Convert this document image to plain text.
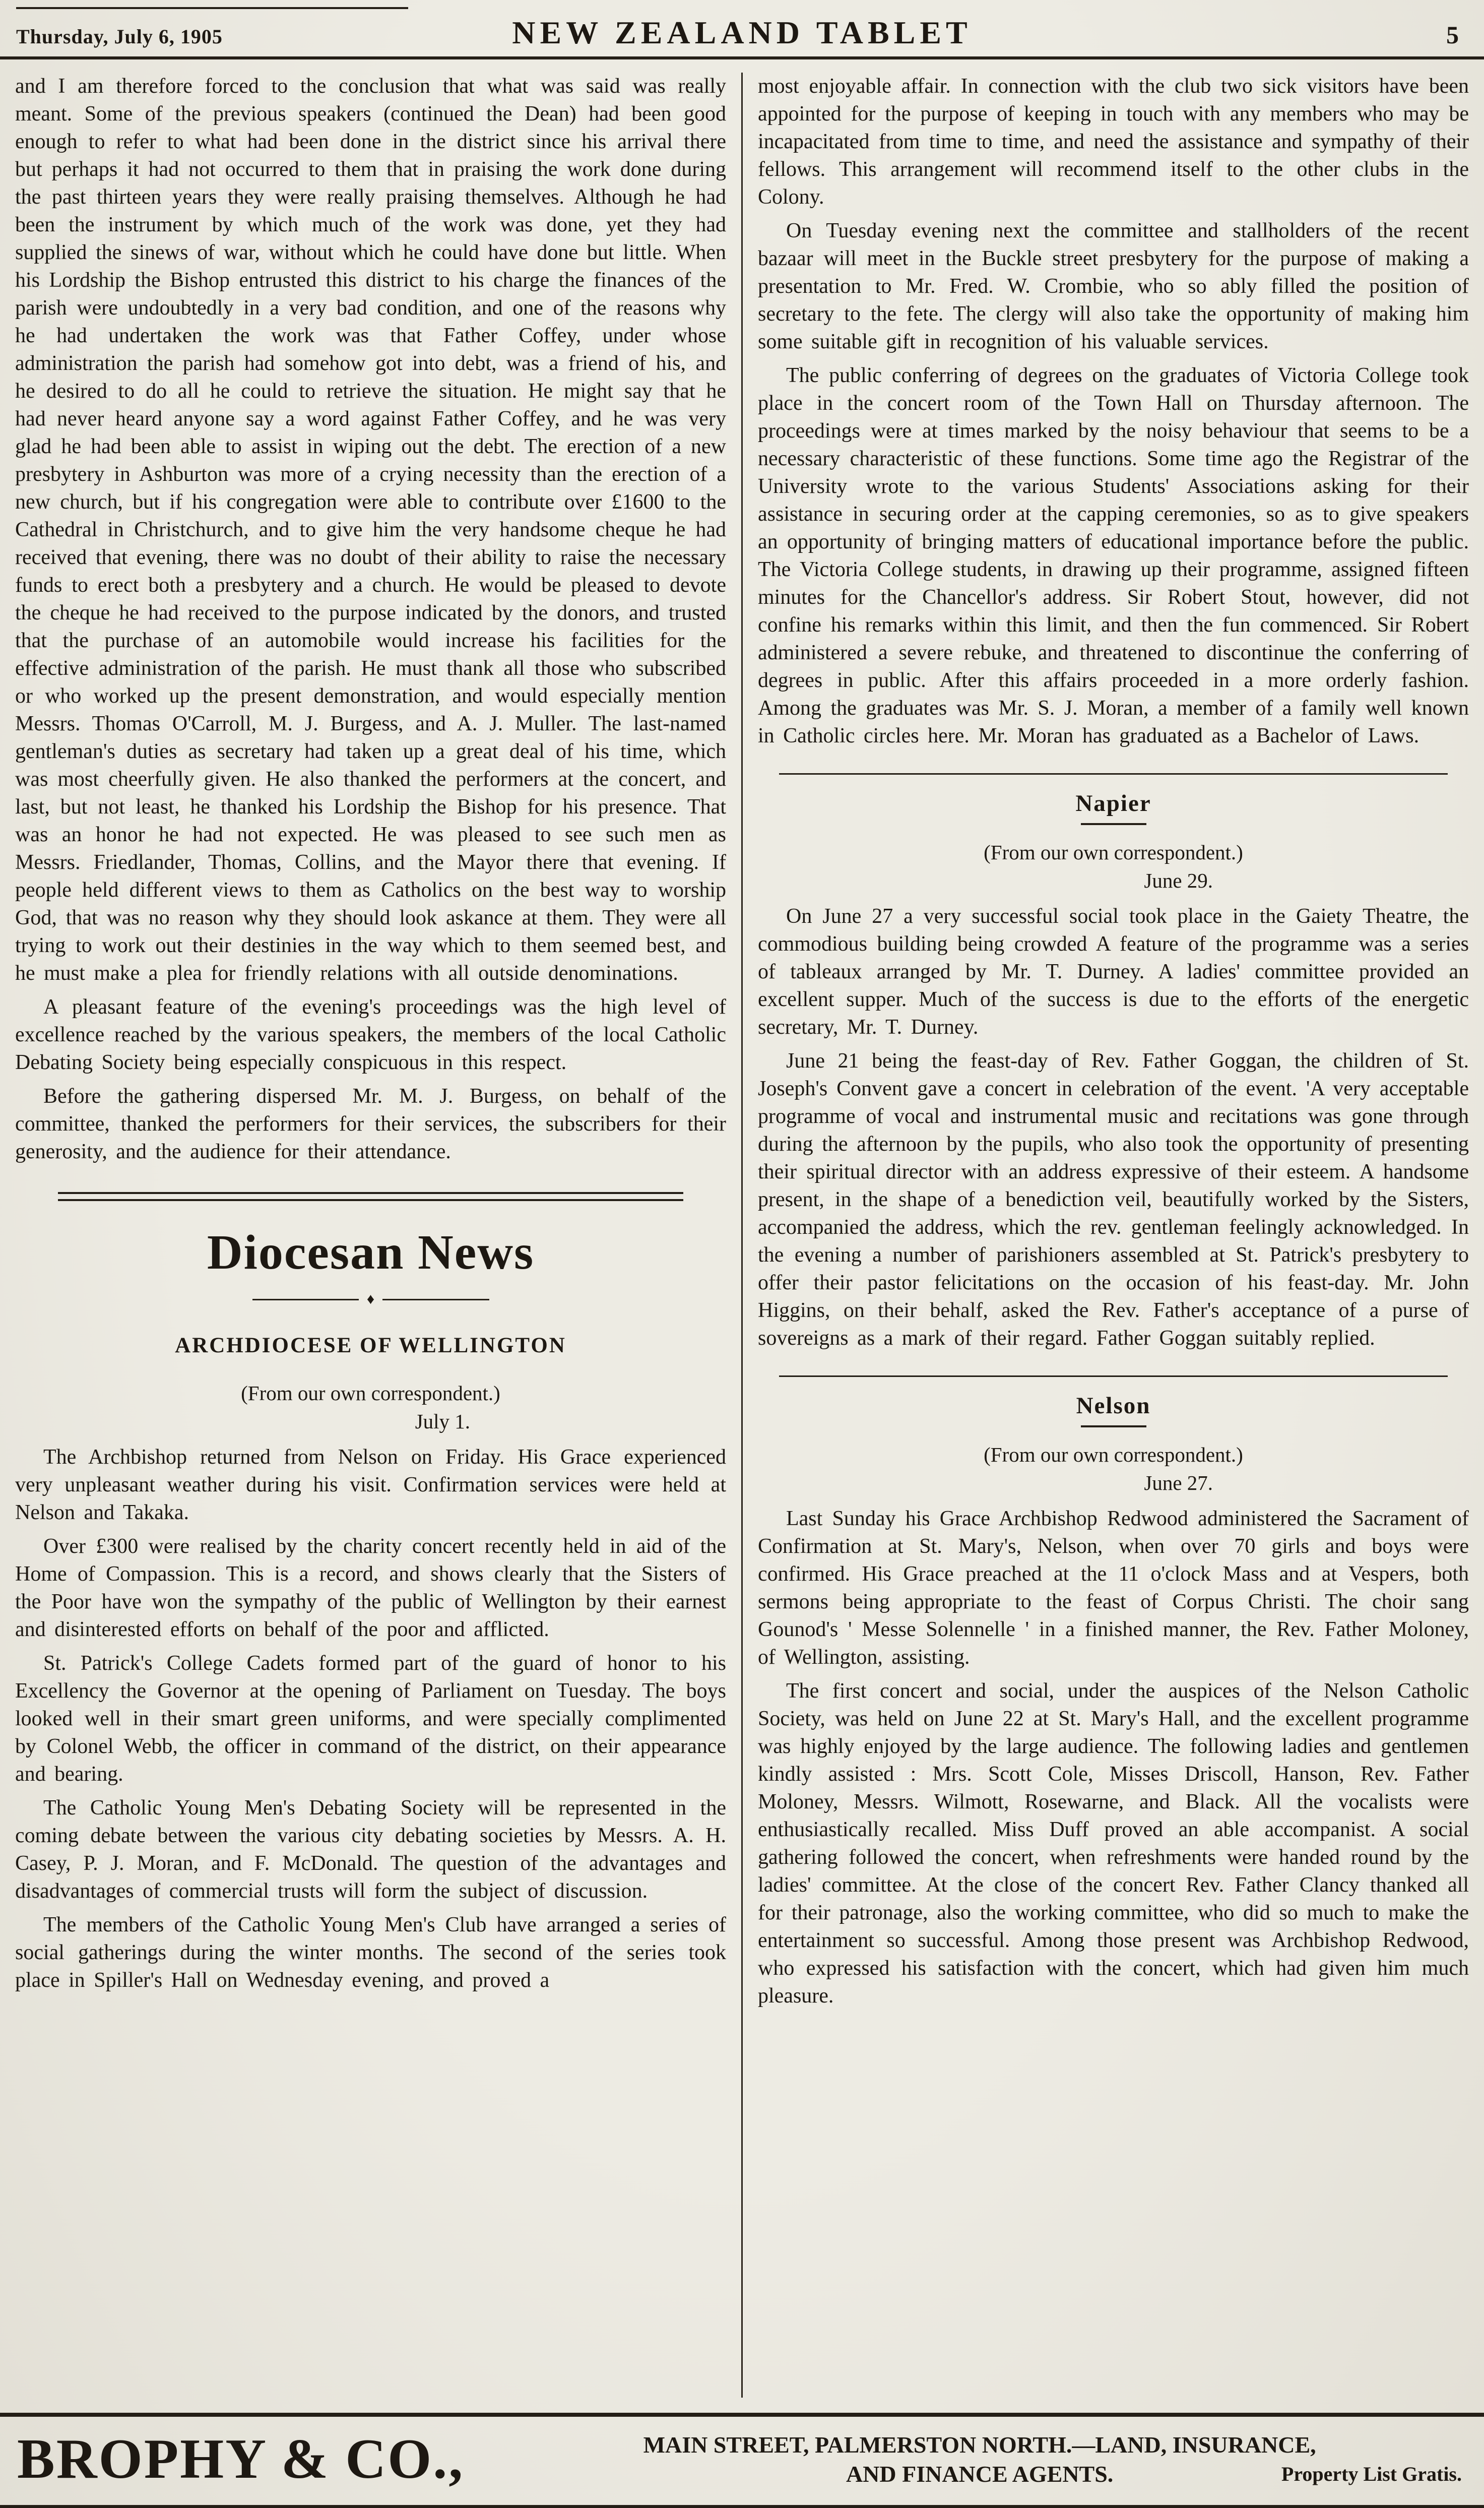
Thursday, July 6, 1905	NEW ZEALAND TABLET	5

and I am therefore forced to the conclusion that what was said was really meant. Some of the previous speakers (continued the Dean) had been good enough to refer to what had been done in the district since his arrival there but perhaps it had not occurred to them that in praising the work done during the past thirteen years they were really praising themselves. Although he had been the instrument by which much of the work was done, yet they had supplied the sinews of war, without which he could have done but little. When his Lordship the Bishop entrusted this district to his charge the finances of the parish were undoubtedly in a very bad condition, and one of the reasons why he had undertaken the work was that Father Coffey, under whose administration the parish had somehow got into debt, was a friend of his, and he desired to do all he could to retrieve the situation. He might say that he had never heard anyone say a word against Father Coffey, and he was very glad he had been able to assist in wiping out the debt. The erection of a new presbytery in Ashburton was more of a crying necessity than the erection of a new church, but if his congregation were able to contribute over £1600 to the Cathedral in Christchurch, and to give him the very handsome cheque he had received that evening, there was no doubt of their ability to raise the necessary funds to erect both a presbytery and a church. He would be pleased to devote the cheque he had received to the purpose indicated by the donors, and trusted that the purchase of an automobile would increase his facilities for the effective administration of the parish. He must thank all those who subscribed or who worked up the present demonstration, and would especially mention Messrs. Thomas O'Carroll, M. J. Burgess, and A. J. Muller. The last-named gentleman's duties as secretary had taken up a great deal of his time, which was most cheerfully given. He also thanked the performers at the concert, and last, but not least, he thanked his Lordship the Bishop for his presence. That was an honor he had not expected. He was pleased to see such men as Messrs. Friedlander, Thomas, Collins, and the Mayor there that evening. If people held different views to them as Catholics on the best way to worship God, that was no reason why they should look askance at them. They were all trying to work out their destinies in the way which to them seemed best, and he must make a plea for friendly relations with all outside denominations.

A pleasant feature of the evening's proceedings was the high level of excellence reached by the various speakers, the members of the local Catholic Debating Society being especially conspicuous in this respect.

Before the gathering dispersed Mr. M. J. Burgess, on behalf of the committee, thanked the performers for their services, the subscribers for their generosity, and the audience for their attendance.

Diocesan News
♦
ARCHDIOCESE OF WELLINGTON

(From our own correspondent.)

July 1.

The Archbishop returned from Nelson on Friday. His Grace experienced very unpleasant weather during his visit. Confirmation services were held at Nelson and Takaka.

Over £300 were realised by the charity concert recently held in aid of the Home of Compassion. This is a record, and shows clearly that the Sisters of the Poor have won the sympathy of the public of Wellington by their earnest and disinterested efforts on behalf of the poor and afflicted.

St. Patrick's College Cadets formed part of the guard of honor to his Excellency the Governor at the opening of Parliament on Tuesday. The boys looked well in their smart green uniforms, and were specially complimented by Colonel Webb, the officer in command of the district, on their appearance and bearing.

The Catholic Young Men's Debating Society will be represented in the coming debate between the various city debating societies by Messrs. A. H. Casey, P. J. Moran, and F. McDonald. The question of the advantages and disadvantages of commercial trusts will form the subject of discussion.

The members of the Catholic Young Men's Club have arranged a series of social gatherings during the winter months. The second of the series took place in Spiller's Hall on Wednesday evening, and proved a

most enjoyable affair. In connection with the club two sick visitors have been appointed for the purpose of keeping in touch with any members who may be incapacitated from time to time, and need the assistance and sympathy of their fellows. This arrangement will recommend itself to the other clubs in the Colony.

On Tuesday evening next the committee and stallholders of the recent bazaar will meet in the Buckle street presbytery for the purpose of making a presentation to Mr. Fred. W. Crombie, who so ably filled the position of secretary to the fete. The clergy will also take the opportunity of making him some suitable gift in recognition of his valuable services.

The public conferring of degrees on the graduates of Victoria College took place in the concert room of the Town Hall on Thursday afternoon. The proceedings were at times marked by the noisy behaviour that seems to be a necessary characteristic of these functions. Some time ago the Registrar of the University wrote to the various Students' Associations asking for their assistance in securing order at the capping ceremonies, so as to give speakers an opportunity of bringing matters of educational importance before the public. The Victoria College students, in drawing up their programme, assigned fifteen minutes for the Chancellor's address. Sir Robert Stout, however, did not confine his remarks within this limit, and then the fun commenced. Sir Robert administered a severe rebuke, and threatened to discontinue the conferring of degrees in public. After this affairs proceeded in a more orderly fashion. Among the graduates was Mr. S. J. Moran, a member of a family well known in Catholic circles here. Mr. Moran has graduated as a Bachelor of Laws.

Napier

(From our own correspondent.)

June 29.

On June 27 a very successful social took place in the Gaiety Theatre, the commodious building being crowded A feature of the programme was a series of tableaux arranged by Mr. T. Durney. A ladies' committee provided an excellent supper. Much of the success is due to the efforts of the energetic secretary, Mr. T. Durney.

June 21 being the feast-day of Rev. Father Goggan, the children of St. Joseph's Convent gave a concert in celebration of the event. 'A very acceptable programme of vocal and instrumental music and recitations was gone through during the afternoon by the pupils, who also took the opportunity of presenting their spiritual director with an address expressive of their esteem. A handsome present, in the shape of a benediction veil, beautifully worked by the Sisters, accompanied the address, which the rev. gentleman feelingly acknowledged. In the evening a number of parishioners assembled at St. Patrick's presbytery to offer their pastor felicitations on the occasion of his feast-day. Mr. John Higgins, on their behalf, asked the Rev. Father's acceptance of a purse of sovereigns as a mark of their regard. Father Goggan suitably replied.

Nelson

(From our own correspondent.)

June 27.

Last Sunday his Grace Archbishop Redwood administered the Sacrament of Confirmation at St. Mary's, Nelson, when over 70 girls and boys were confirmed. His Grace preached at the 11 o'clock Mass and at Vespers, both sermons being appropriate to the feast of Corpus Christi. The choir sang Gounod's ' Messe Solennelle ' in a finished manner, the Rev. Father Moloney, of Wellington, assisting.

The first concert and social, under the auspices of the Nelson Catholic Society, was held on June 22 at St. Mary's Hall, and the excellent programme was highly enjoyed by the large audience. The following ladies and gentlemen kindly assisted : Mrs. Scott Cole, Misses Driscoll, Hanson, Rev. Father Moloney, Messrs. Wilmott, Rosewarne, and Black. All the vocalists were enthusiastically recalled. Miss Duff proved an able accompanist. A social gathering followed the concert, when refreshments were handed round by the ladies' committee. At the close of the concert Rev. Father Clancy thanked all for their patronage, also the working committee, who did so much to make the entertainment so successful. Among those present was Archbishop Redwood, who expressed his satisfaction with the concert, which had given him much pleasure.

BROPHY & CO.,	MAIN STREET, PALMERSTON NORTH.—LAND, INSURANCE,
AND FINANCE AGENTS.	Property List Gratis.
